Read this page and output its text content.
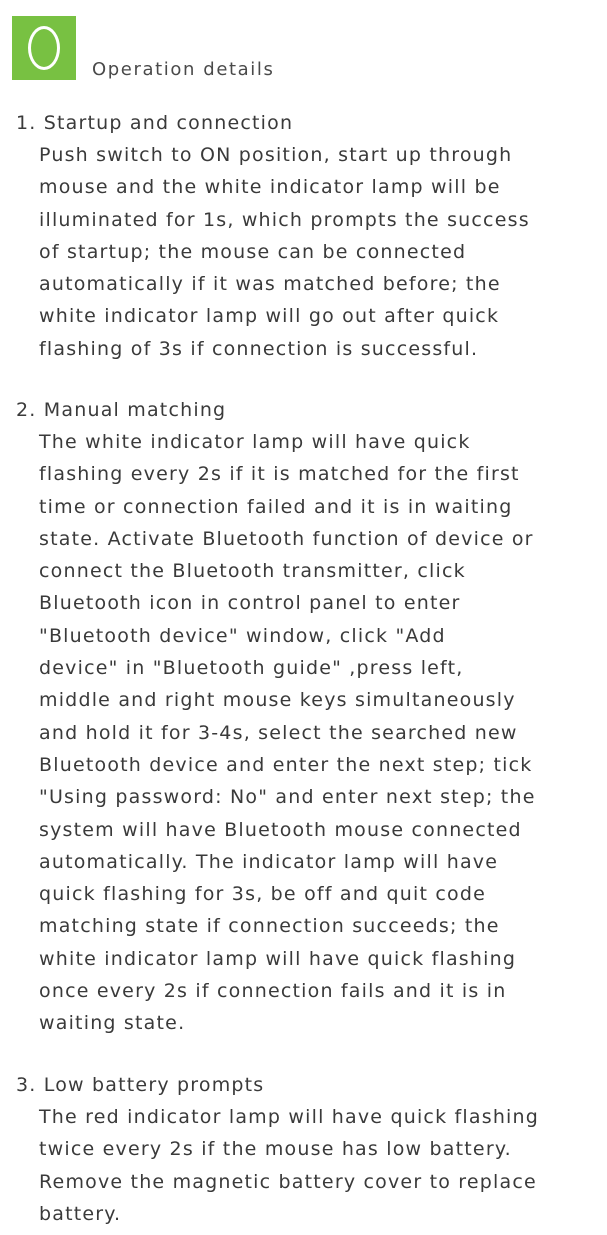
Operation details
1. Startup and connection
Push switch to ON position, start up through
mouse and the white indicator lamp will be
illuminated for 1s, which prompts the success
of startup; the mouse can be connected
automatically if it was matched before; the
white indicator lamp will go out after quick
flashing of 3s if connection is successful.
2. Manual matching
The white indicator lamp will have quick
flashing every 2s if it is matched for the first
time or connection failed and it is in waiting
state. Activate Bluetooth function of device or
connect the Bluetooth transmitter, click
Bluetooth icon in control panel to enter
"Bluetooth device" window, click "Add
device" in "Bluetooth guide" ,press left,
middle and right mouse keys simultaneously
and hold it for 3-4s, select the searched new
Bluetooth device and enter the next step; tick
"Using password: No" and enter next step; the
system will have Bluetooth mouse connected
automatically. The indicator lamp will have
quick flashing for 3s, be off and quit code
matching state if connection succeeds; the
white indicator lamp will have quick flashing
once every 2s if connection fails and it is in
waiting state.
3. Low battery prompts
The red indicator lamp will have quick flashing
twice every 2s if the mouse has low battery.
Remove the magnetic battery cover to replace
battery.
